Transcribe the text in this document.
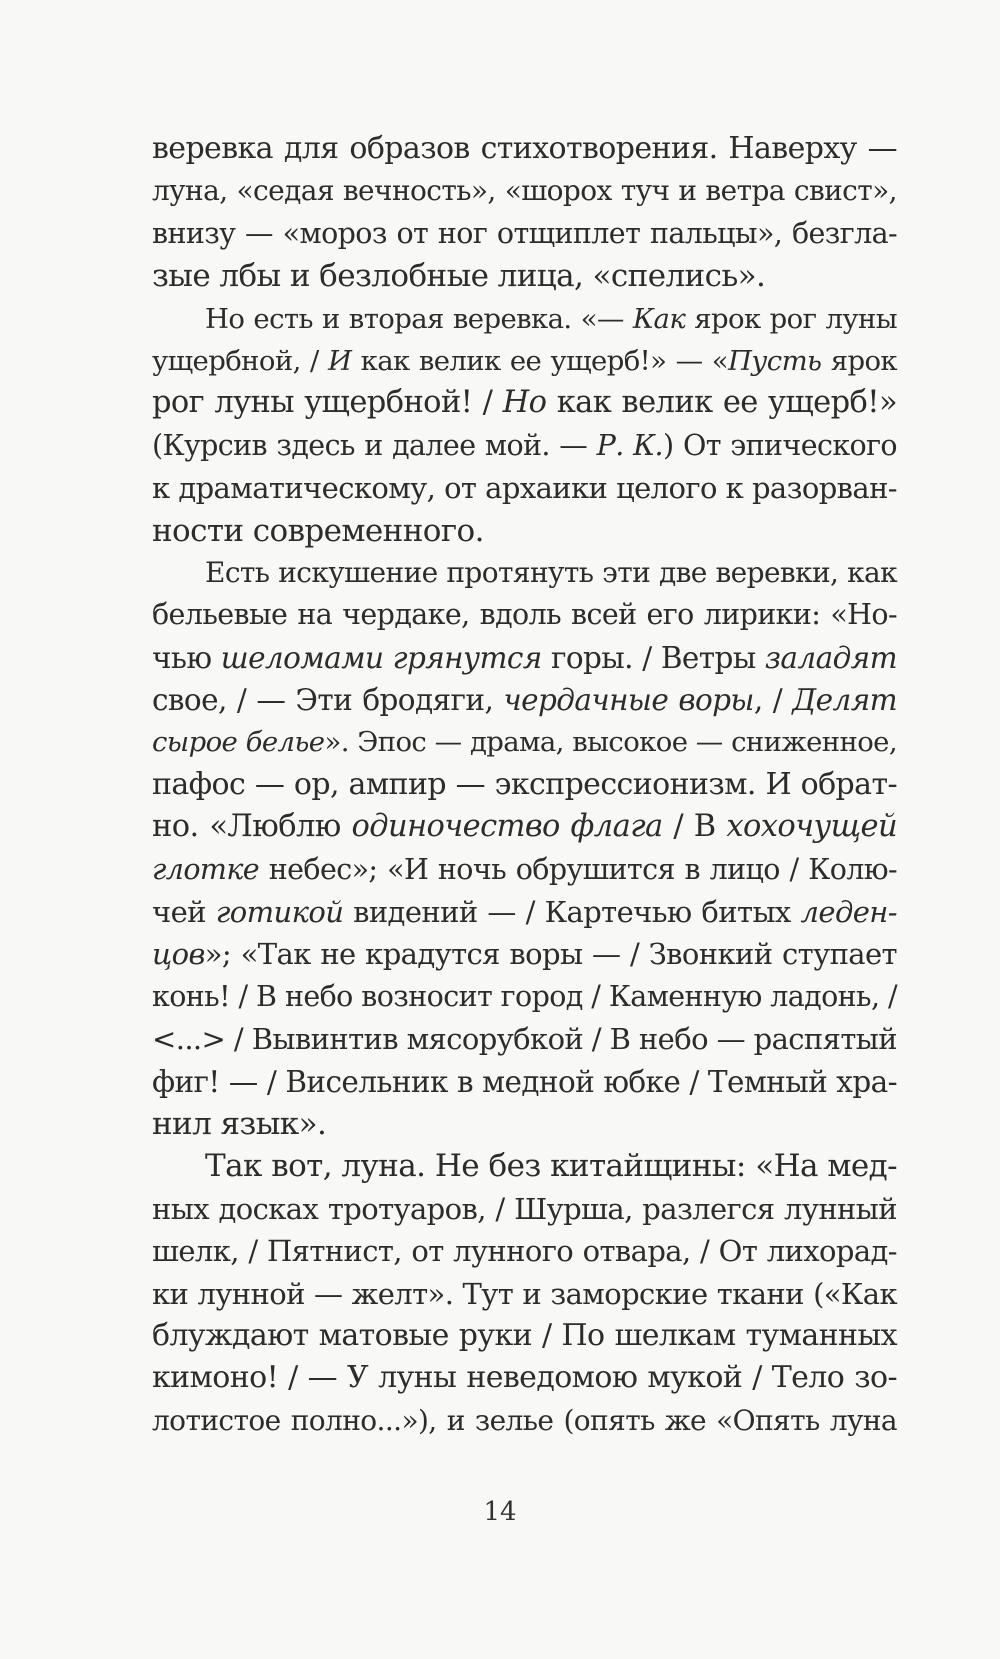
веревка для образов стихотворения. Наверху —
луна, «седая вечность», «шорох туч и ветра свист»,
внизу — «мороз от ног отщиплет пальцы», безгла-
зые лбы и безлобные лица, «спелись».
Но есть и вторая веревка. «— Как ярок рог луны
ущербной, / И как велик ее ущерб!» — «Пусть ярок
рог луны ущербной! / Но как велик ее ущерб!»
(Курсив здесь и далее мой. — Р. К.) От эпического
к драматическому, от архаики целого к разорван-
ности современного.
Есть искушение протянуть эти две веревки, как
бельевые на чердаке, вдоль всей его лирики: «Но-
чью шеломами грянутся горы. / Ветры заладят
свое, / — Эти бродяги, чердачные воры, / Делят
сырое белье». Эпос — драма, высокое — сниженное,
пафос — ор, ампир — экспрессионизм. И обрат-
но. «Люблю одиночество флага / В хохочущей
глотке небес»; «И ночь обрушится в лицо / Колю-
чей готикой видений — / Картечью битых леден-
цов»; «Так не крадутся воры — / Звонкий ступает
конь! / В небо возносит город / Каменную ладонь, /
<...> / Вывинтив мясорубкой / В небо — распятый
фиг! — / Висельник в медной юбке / Темный хра-
нил язык».
Так вот, луна. Не без китайщины: «На мед-
ных досках тротуаров, / Шурша, разлегся лунный
шелк, / Пятнист, от лунного отвара, / От лихорад-
ки лунной — желт». Тут и заморские ткани («Как
блуждают матовые руки / По шелкам туманных
кимоно! / — У луны неведомою мукой / Тело зо-
лотистое полно...»), и зелье (опять же «Опять луна
14
